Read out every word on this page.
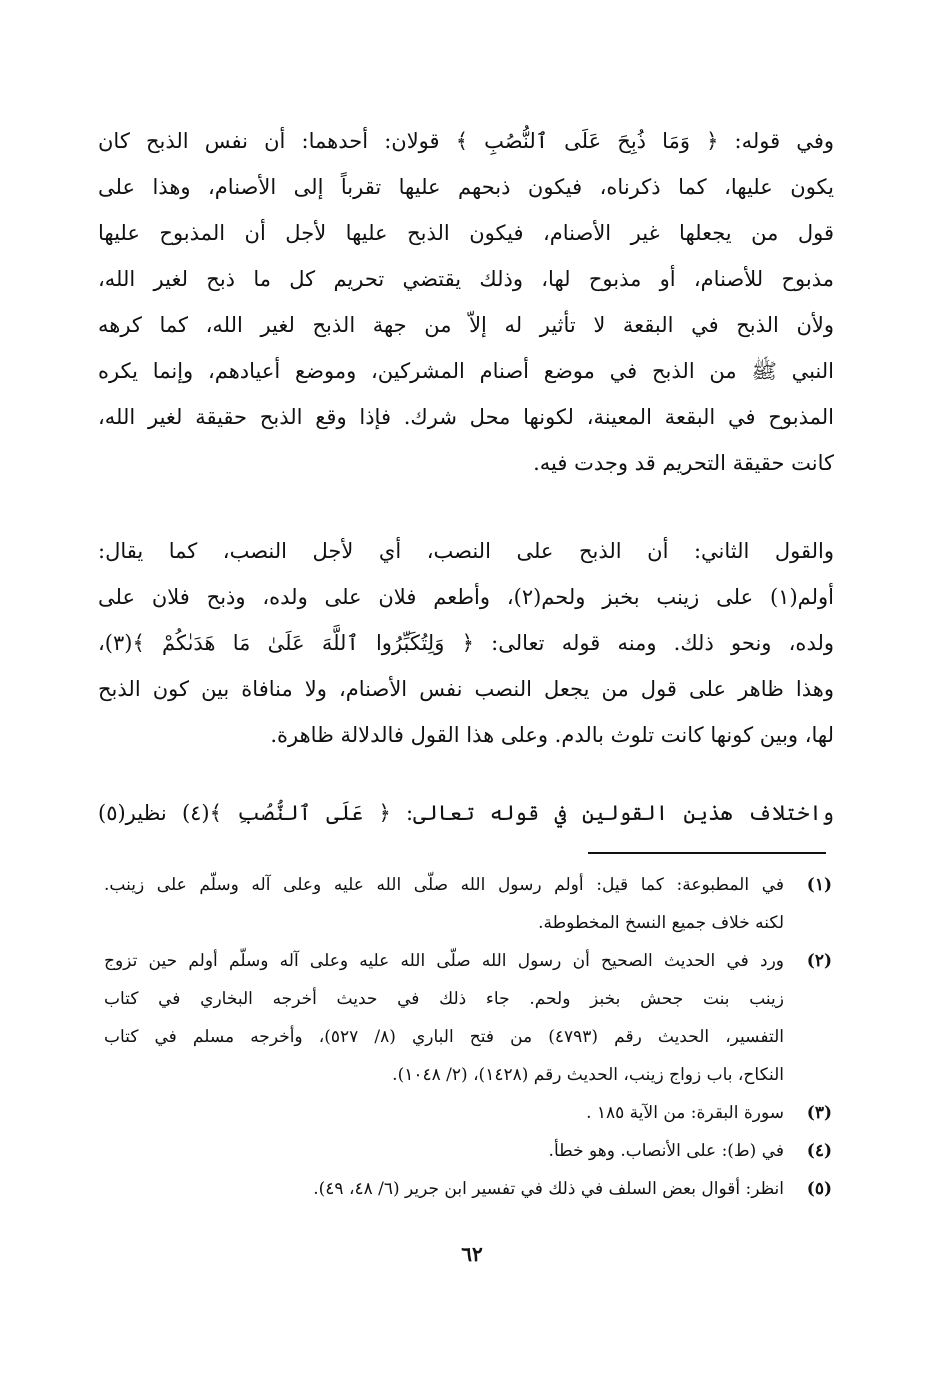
وفي قوله: ﴿ وَمَا ذُبِحَ عَلَى ٱلنُّصُبِ ﴾ قولان: أحدهما: أن نفس الذبح كان
يكون عليها، كما ذكرناه، فيكون ذبحهم عليها تقرباً إلى الأصنام، وهذا على
قول من يجعلها غير الأصنام، فيكون الذبح عليها لأجل أن المذبوح عليها
مذبوح للأصنام، أو مذبوح لها، وذلك يقتضي تحريم كل ما ذبح لغير الله،
ولأن الذبح في البقعة لا تأثير له إلاّ من جهة الذبح لغير الله، كما كرهه
النبي ﷺ من الذبح في موضع أصنام المشركين، وموضع أعيادهم، وإنما يكره
المذبوح في البقعة المعينة، لكونها محل شرك. فإذا وقع الذبح حقيقة لغير الله،
كانت حقيقة التحريم قد وجدت فيه.
والقول الثاني: أن الذبح على النصب، أي لأجل النصب، كما يقال:
أولم(١) على زينب بخبز ولحم(٢)، وأطعم فلان على ولده، وذبح فلان على
ولده، ونحو ذلك. ومنه قوله تعالى: ﴿ وَلِتُكَبِّرُوا ٱللَّهَ عَلَىٰ مَا هَدَىٰكُمْ ﴾(٣)،
وهذا ظاهر على قول من يجعل النصب نفس الأصنام، ولا منافاة بين كون الذبح
لها، وبين كونها كانت تلوث بالدم. وعلى هذا القول فالدلالة ظاهرة.
واختلاف هذين القولين في قوله تعالى: ﴿ عَلَى ٱلنُّصُبِ ﴾(٤) نظير(٥)
(١)
في المطبوعة: كما قيل: أولم رسول الله صلّى الله عليه وعلى آله وسلّم على زينب.
لكنه خلاف جميع النسخ المخطوطة.
(٢)
ورد في الحديث الصحيح أن رسول الله صلّى الله عليه وعلى آله وسلّم أولم حين تزوج
زينب بنت جحش بخبز ولحم. جاء ذلك في حديث أخرجه البخاري في كتاب
التفسير، الحديث رقم (٤٧٩٣) من فتح الباري (٨/ ٥٢٧)، وأخرجه مسلم في كتاب
النكاح، باب زواج زينب، الحديث رقم (١٤٢٨)، (٢/ ١٠٤٨).
(٣)
سورة البقرة: من الآية ١٨٥ .
(٤)
في (ط): على الأنصاب. وهو خطأ.
(٥)
انظر: أقوال بعض السلف في ذلك في تفسير ابن جرير (٦/ ٤٨، ٤٩).
٦٢
